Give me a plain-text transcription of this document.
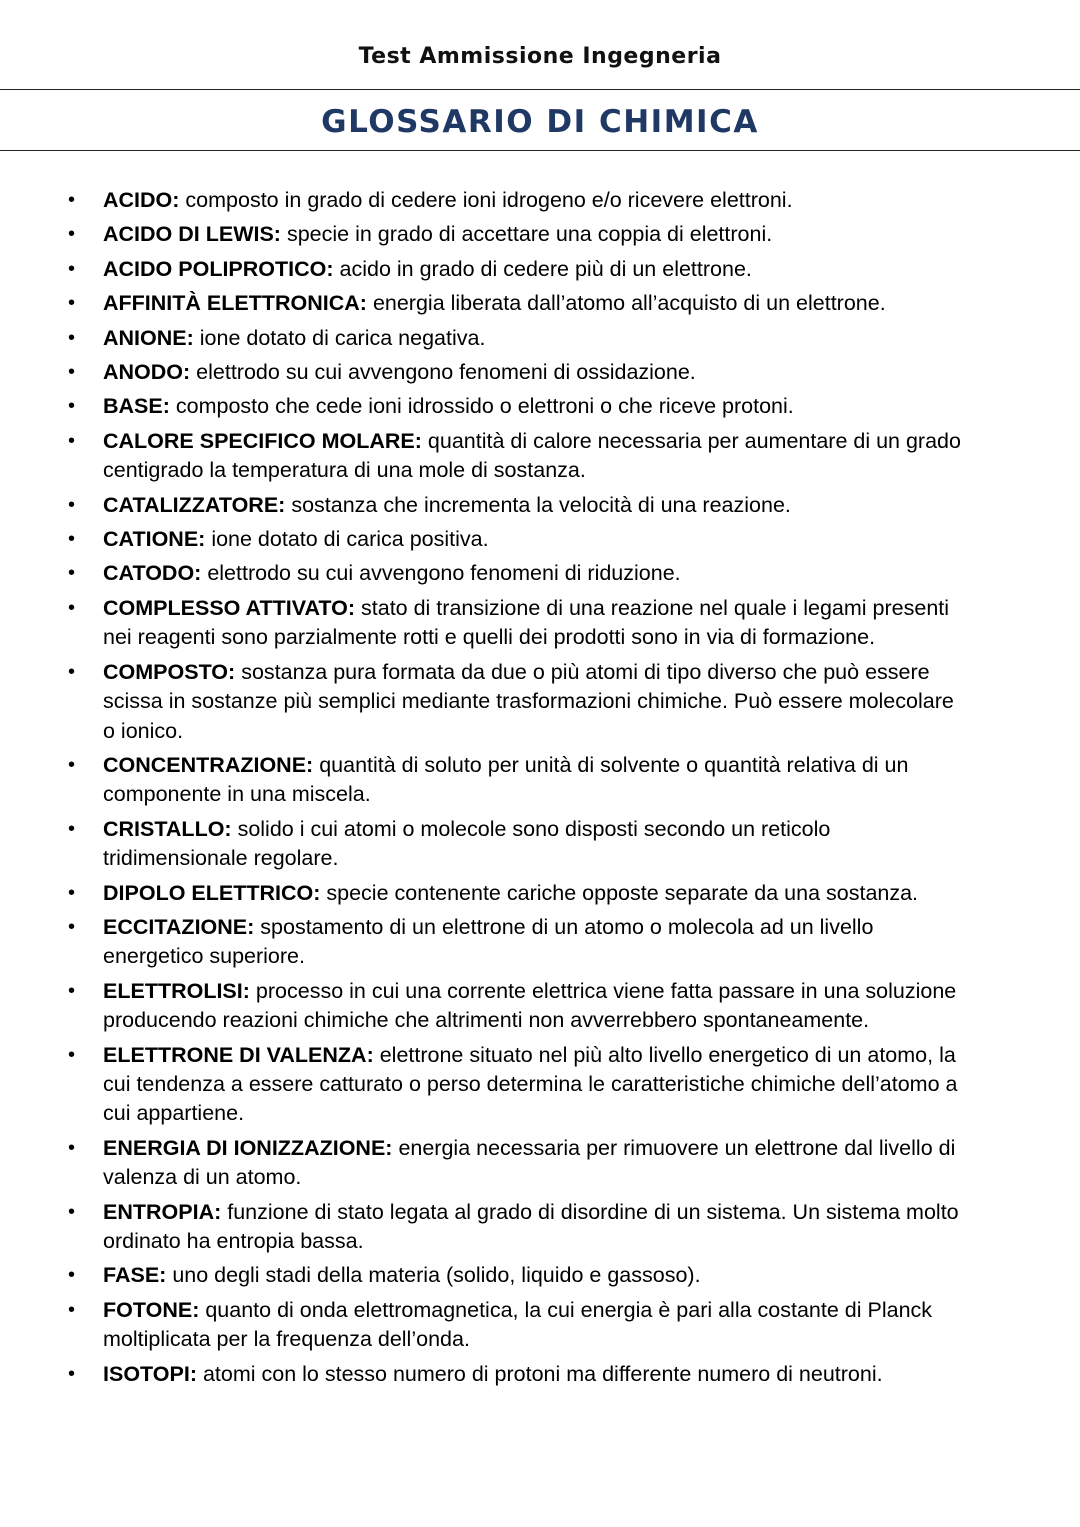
Test Ammissione Ingegneria
GLOSSARIO DI CHIMICA
• ACIDO: composto in grado di cedere ioni idrogeno e/o ricevere elettroni.
• ACIDO DI LEWIS: specie in grado di accettare una coppia di elettroni.
• ACIDO POLIPROTICO: acido in grado di cedere più di un elettrone.
• AFFINITÀ ELETTRONICA: energia liberata dall’atomo all’acquisto di un elettrone.
• ANIONE: ione dotato di carica negativa.
• ANODO: elettrodo su cui avvengono fenomeni di ossidazione.
• BASE: composto che cede ioni idrossido o elettroni o che riceve protoni.
• CALORE SPECIFICO MOLARE: quantità di calore necessaria per aumentare di un grado centigrado la temperatura di una mole di sostanza.
• CATALIZZATORE: sostanza che incrementa la velocità di una reazione.
• CATIONE: ione dotato di carica positiva.
• CATODO: elettrodo su cui avvengono fenomeni di riduzione.
• COMPLESSO ATTIVATO: stato di transizione di una reazione nel quale i legami presenti nei reagenti sono parzialmente rotti e quelli dei prodotti sono in via di formazione.
• COMPOSTO: sostanza pura formata da due o più atomi di tipo diverso che può essere scissa in sostanze più semplici mediante trasformazioni chimiche. Può essere molecolare o ionico.
• CONCENTRAZIONE: quantità di soluto per unità di solvente o quantità relativa di un componente in una miscela.
• CRISTALLO: solido i cui atomi o molecole sono disposti secondo un reticolo tridimensionale regolare.
• DIPOLO ELETTRICO: specie contenente cariche opposte separate da una sostanza.
• ECCITAZIONE: spostamento di un elettrone di un atomo o molecola ad un livello energetico superiore.
• ELETTROLISI: processo in cui una corrente elettrica viene fatta passare in una soluzione producendo reazioni chimiche che altrimenti non avverrebbero spontaneamente.
• ELETTRONE DI VALENZA: elettrone situato nel più alto livello energetico di un atomo, la cui tendenza a essere catturato o perso determina le caratteristiche chimiche dell’atomo a cui appartiene.
• ENERGIA DI IONIZZAZIONE: energia necessaria per rimuovere un elettrone dal livello di valenza di un atomo.
• ENTROPIA: funzione di stato legata al grado di disordine di un sistema. Un sistema molto ordinato ha entropia bassa.
• FASE: uno degli stadi della materia (solido, liquido e gassoso).
• FOTONE: quanto di onda elettromagnetica, la cui energia è pari alla costante di Planck moltiplicata per la frequenza dell’onda.
• ISOTOPI: atomi con lo stesso numero di protoni ma differente numero di neutroni.
